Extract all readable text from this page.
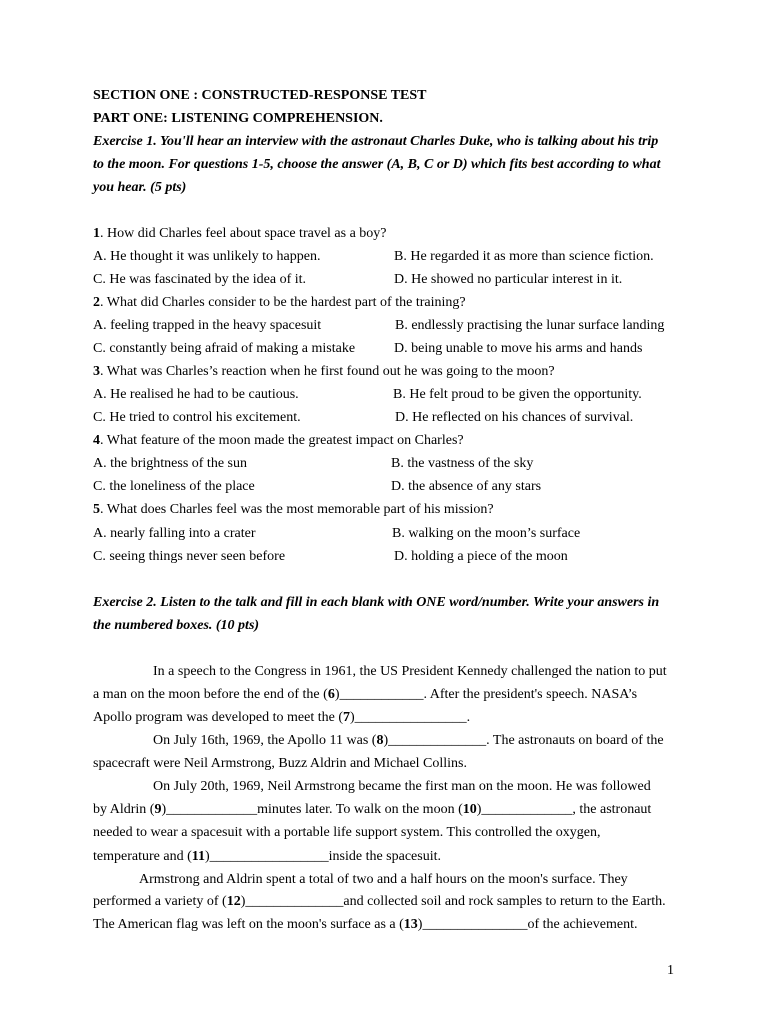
SECTION ONE : CONSTRUCTED-RESPONSE TEST
PART ONE: LISTENING COMPREHENSION.
Exercise 1. You'll hear an interview with the astronaut Charles Duke, who is talking about his trip
to the moon. For questions 1-5, choose the answer (A, B, C or D) which fits best according to what
you hear. (5 pts)
1. How did Charles feel about space travel as a boy?
A. He thought it was unlikely to happen.	B. He regarded it as more than science fiction.
C. He was fascinated by the idea of it.	D. He showed no particular interest in it.
2. What did Charles consider to be the hardest part of the training?
A. feeling trapped in the heavy spacesuit	B. endlessly practising the lunar surface landing
C. constantly being afraid of making a mistake	D. being unable to move his arms and hands
3. What was Charles’s reaction when he first found out he was going to the moon?
A. He realised he had to be cautious.	B. He felt proud to be given the opportunity.
C. He tried to control his excitement.	D. He reflected on his chances of survival.
4. What feature of the moon made the greatest impact on Charles?
A. the brightness of the sun	B. the vastness of the sky
C. the loneliness of the place	D. the absence of any stars
5. What does Charles feel was the most memorable part of his mission?
A. nearly falling into a crater	B. walking on the moon’s surface
C. seeing things never seen before	D. holding a piece of the moon
Exercise 2. Listen to the talk and fill in each blank with ONE word/number. Write your answers in
the numbered boxes. (10 pts)
In a speech to the Congress in 1961, the US President Kennedy challenged the nation to put
a man on the moon before the end of the (6)____________. After the president's speech. NASA’s
Apollo program was developed to meet the (7)________________.
On July 16th, 1969, the Apollo 11 was (8)______________. The astronauts on board of the
spacecraft were Neil Armstrong, Buzz Aldrin and Michael Collins.
On July 20th, 1969, Neil Armstrong became the first man on the moon. He was followed
by Aldrin (9)_____________minutes later. To walk on the moon (10)_____________, the astronaut
needed to wear a spacesuit with a portable life support system. This controlled the oxygen,
temperature and (11)_________________inside the spacesuit.
Armstrong and Aldrin spent a total of two and a half hours on the moon's surface. They
performed a variety of (12)______________and collected soil and rock samples to return to the Earth.
The American flag was left on the moon's surface as a (13)_______________of the achievement.
1
